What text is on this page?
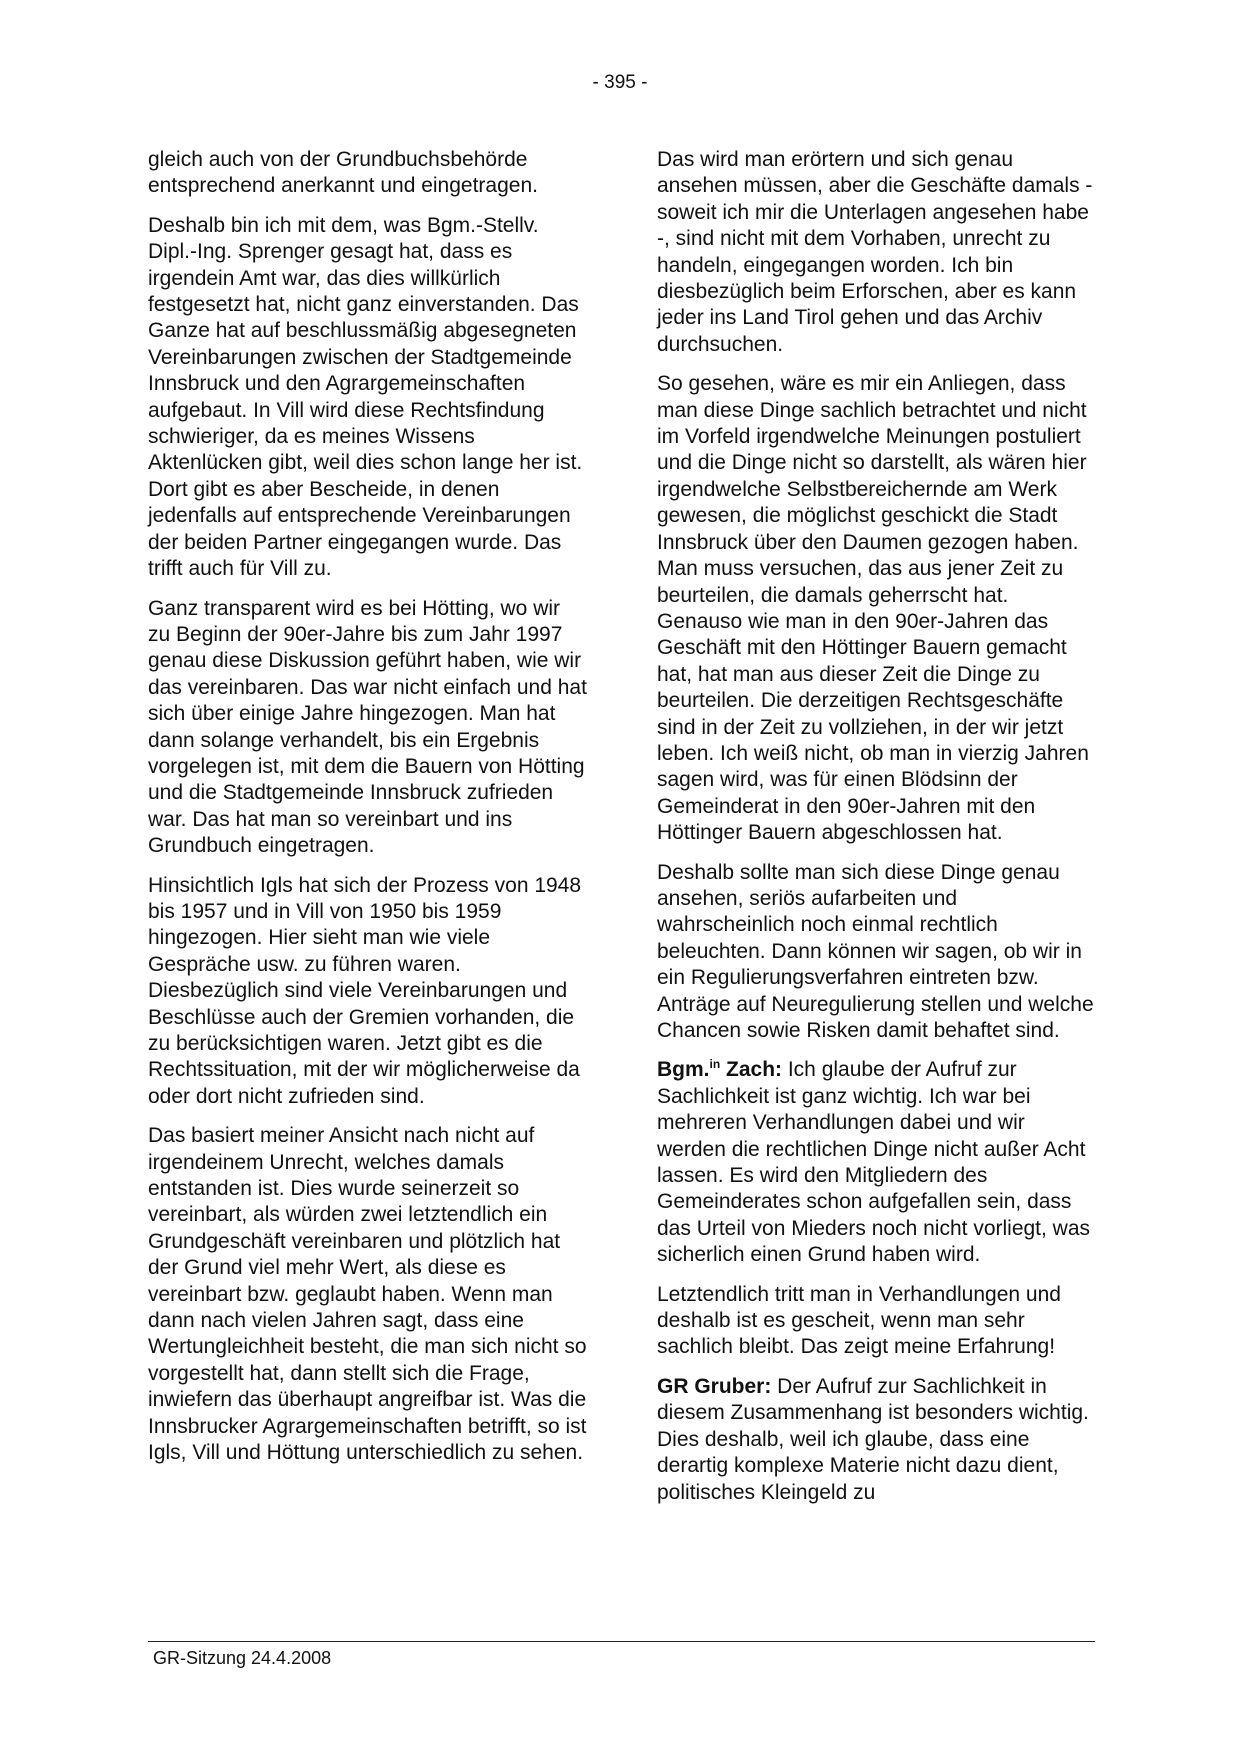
- 395 -

gleich auch von der Grundbuchsbehörde entsprechend anerkannt und eingetragen.

Deshalb bin ich mit dem, was Bgm.-Stellv. Dipl.-Ing. Sprenger gesagt hat, dass es irgendein Amt war, das dies willkürlich festgesetzt hat, nicht ganz einverstanden. Das Ganze hat auf beschlussmäßig abgesegneten Vereinbarungen zwischen der Stadtgemeinde Innsbruck und den Agrargemeinschaften aufgebaut. In Vill wird diese Rechtsfindung schwieriger, da es meines Wissens Aktenlücken gibt, weil dies schon lange her ist. Dort gibt es aber Bescheide, in denen jedenfalls auf entsprechende Vereinbarungen der beiden Partner eingegangen wurde. Das trifft auch für Vill zu.

Ganz transparent wird es bei Hötting, wo wir zu Beginn der 90er-Jahre bis zum Jahr 1997 genau diese Diskussion geführt haben, wie wir das vereinbaren. Das war nicht einfach und hat sich über einige Jahre hingezogen. Man hat dann solange verhandelt, bis ein Ergebnis vorgelegen ist, mit dem die Bauern von Hötting und die Stadtgemeinde Innsbruck zufrieden war. Das hat man so vereinbart und ins Grundbuch eingetragen.

Hinsichtlich Igls hat sich der Prozess von 1948 bis 1957 und in Vill von 1950 bis 1959 hingezogen. Hier sieht man wie viele Gespräche usw. zu führen waren. Diesbezüglich sind viele Vereinbarungen und Beschlüsse auch der Gremien vorhanden, die zu berücksichtigen waren. Jetzt gibt es die Rechtssituation, mit der wir möglicherweise da oder dort nicht zufrieden sind.

Das basiert meiner Ansicht nach nicht auf irgendeinem Unrecht, welches damals entstanden ist. Dies wurde seinerzeit so vereinbart, als würden zwei letztendlich ein Grundgeschäft vereinbaren und plötzlich hat der Grund viel mehr Wert, als diese es vereinbart bzw. geglaubt haben. Wenn man dann nach vielen Jahren sagt, dass eine Wertungleichheit besteht, die man sich nicht so vorgestellt hat, dann stellt sich die Frage, inwiefern das überhaupt angreifbar ist. Was die Innsbrucker Agrargemeinschaften betrifft, so ist Igls, Vill und Höttung unterschiedlich zu sehen.

Das wird man erörtern und sich genau ansehen müssen, aber die Geschäfte damals - soweit ich mir die Unterlagen angesehen habe -, sind nicht mit dem Vorhaben, unrecht zu handeln, eingegangen worden. Ich bin diesbezüglich beim Erforschen, aber es kann jeder ins Land Tirol gehen und das Archiv durchsuchen.

So gesehen, wäre es mir ein Anliegen, dass man diese Dinge sachlich betrachtet und nicht im Vorfeld irgendwelche Meinungen postuliert und die Dinge nicht so darstellt, als wären hier irgendwelche Selbstbereichernde am Werk gewesen, die möglichst geschickt die Stadt Innsbruck über den Daumen gezogen haben. Man muss versuchen, das aus jener Zeit zu beurteilen, die damals geherrscht hat. Genauso wie man in den 90er-Jahren das Geschäft mit den Höttinger Bauern gemacht hat, hat man aus dieser Zeit die Dinge zu beurteilen. Die derzeitigen Rechtsgeschäfte sind in der Zeit zu vollziehen, in der wir jetzt leben. Ich weiß nicht, ob man in vierzig Jahren sagen wird, was für einen Blödsinn der Gemeinderat in den 90er-Jahren mit den Höttinger Bauern abgeschlossen hat.

Deshalb sollte man sich diese Dinge genau ansehen, seriös aufarbeiten und wahrscheinlich noch einmal rechtlich beleuchten. Dann können wir sagen, ob wir in ein Regulierungsverfahren eintreten bzw. Anträge auf Neuregulierung stellen und welche Chancen sowie Risken damit behaftet sind.

Bgm.$^{in}$ Zach: Ich glaube der Aufruf zur Sachlichkeit ist ganz wichtig. Ich war bei mehreren Verhandlungen dabei und wir werden die rechtlichen Dinge nicht außer Acht lassen. Es wird den Mitgliedern des Gemeinderates schon aufgefallen sein, dass das Urteil von Mieders noch nicht vorliegt, was sicherlich einen Grund haben wird.

Letztendlich tritt man in Verhandlungen und deshalb ist es gescheit, wenn man sehr sachlich bleibt. Das zeigt meine Erfahrung!

GR Gruber: Der Aufruf zur Sachlichkeit in diesem Zusammenhang ist besonders wichtig. Dies deshalb, weil ich glaube, dass eine derartig komplexe Materie nicht dazu dient, politisches Kleingeld zu

GR-Sitzung 24.4.2008
